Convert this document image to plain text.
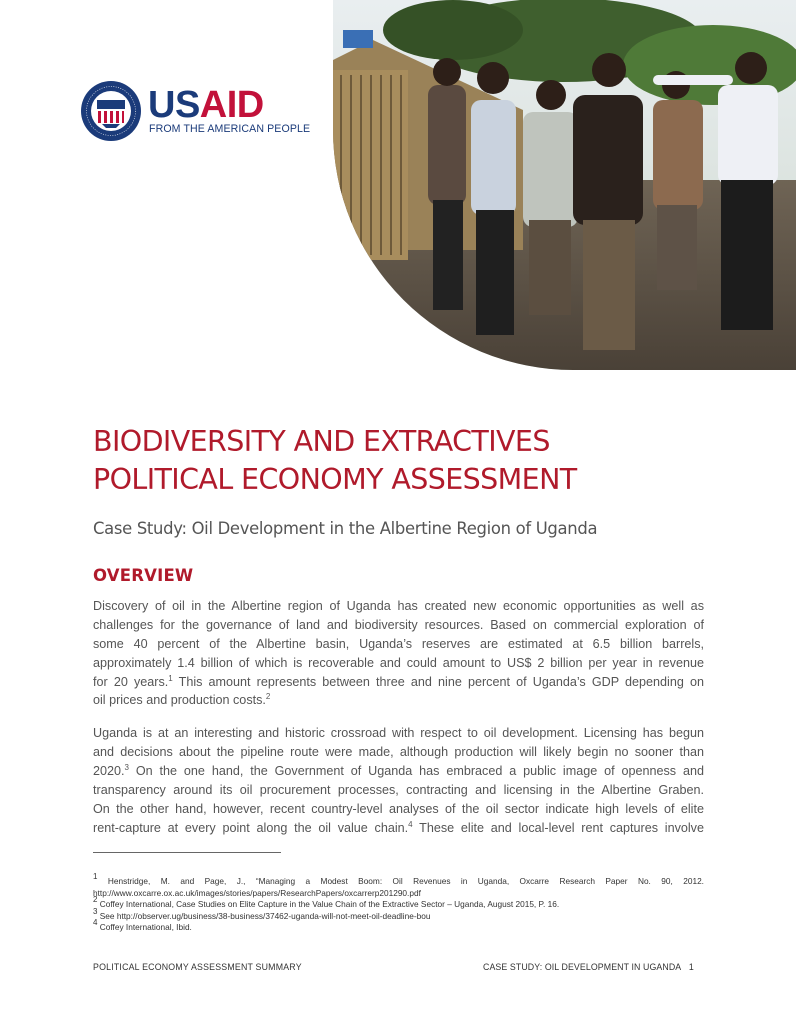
USAID
FROM THE AMERICAN PEOPLE
BIODIVERSITY AND EXTRACTIVES
POLITICAL ECONOMY ASSESSMENT
Case Study: Oil Development in the Albertine Region of Uganda
OVERVIEW

Discovery of oil in the Albertine region of Uganda has created new economic opportunities as well as
challenges for the governance of land and biodiversity resources. Based on commercial exploration of
some 40 percent of the Albertine basin, Uganda’s reserves are estimated at 6.5 billion barrels,
approximately 1.4 billion of which is recoverable and could amount to US$ 2 billion per year in revenue
for 20 years.$^1$ This amount represents between three and nine percent of Uganda’s GDP depending on
oil prices and production costs.$^2$

Uganda is at an interesting and historic crossroad with respect to oil development. Licensing has begun
and decisions about the pipeline route were made, although production will likely begin no sooner than
2020.$^3$ On the one hand, the Government of Uganda has embraced a public image of openness and
transparency around its oil procurement processes, contracting and licensing in the Albertine Graben.
On the other hand, however, recent country-level analyses of the oil sector indicate high levels of elite
rent-capture at every point along the oil value chain.$^4$ These elite and local-level rent captures involve

$^1$ Henstridge, M. and Page, J., “Managing a Modest Boom: Oil Revenues in Uganda, Oxcarre Research Paper No. 90, 2012.
http://www.oxcarre.ox.ac.uk/images/stories/papers/ResearchPapers/oxcarrerp201290.pdf
$^2$ Coffey International, Case Studies on Elite Capture in the Value Chain of the Extractive Sector – Uganda, August 2015, P. 16.
$^3$ See http://observer.ug/business/38-business/37462-uganda-will-not-meet-oil-deadline-bou
$^4$ Coffey International, Ibid.
POLITICAL ECONOMY ASSESSMENT SUMMARY	CASE STUDY: OIL DEVELOPMENT IN UGANDA 1
